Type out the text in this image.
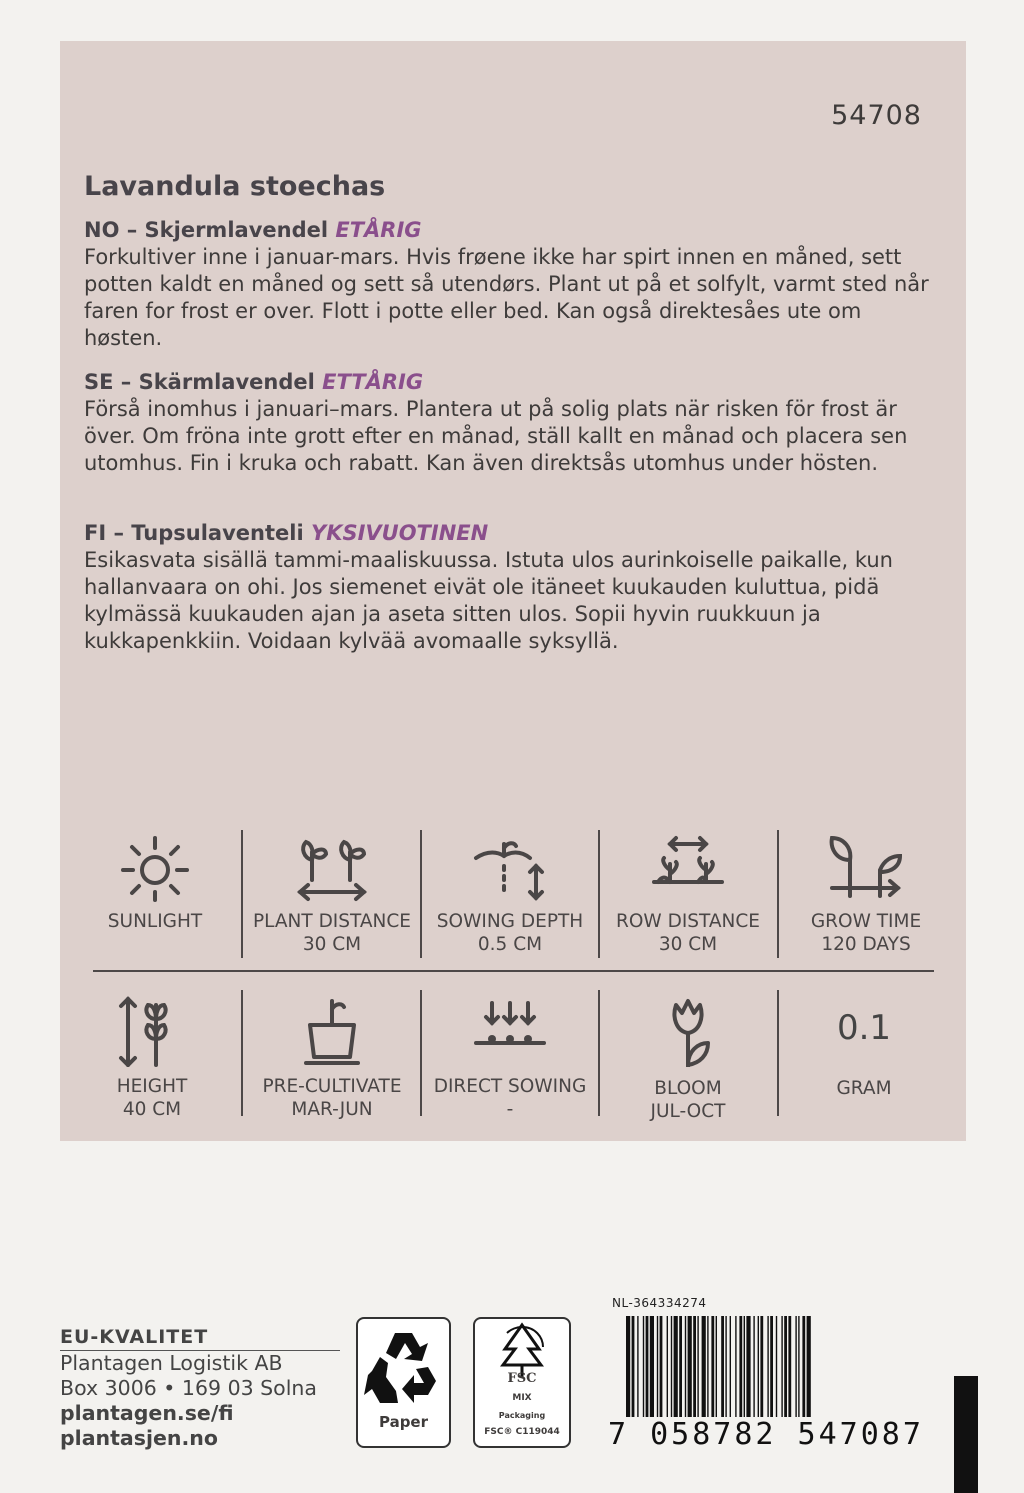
54708
Lavandula stoechas
NO – Skjermlavendel ETÅRIG
Forkultiver inne i januar-mars. Hvis frøene ikke har spirt innen en måned, sett potten kaldt en måned og sett så utendørs. Plant ut på et solfylt, varmt sted når faren for frost er over. Flott i potte eller bed. Kan også direktesåes ute om høsten.
SE – Skärmlavendel ETTÅRIG
Förså inomhus i januari–mars. Plantera ut på solig plats när risken för frost är över. Om fröna inte grott efter en månad, ställ kallt en månad och placera sen utomhus. Fin i kruka och rabatt. Kan även direktsås utomhus under hösten.
FI – Tupsulaventeli YKSIVUOTINEN
Esikasvata sisällä tammi-maaliskuussa. Istuta ulos aurinkoiselle paikalle, kun hallanvaara on ohi. Jos siemenet eivät ole itäneet kuukauden kuluttua, pidä kylmässä kuukauden ajan ja aseta sitten ulos. Sopii hyvin ruukkuun ja kukkapenkkiin. Voidaan kylvää avomaalle syksyllä.
SUNLIGHT	PLANT DISTANCE
30 CM
SOWING DEPTH
0.5 CM
ROW DISTANCE
30 CM
GROW TIME
120 DAYS
HEIGHT
40 CM
PRE-CULTIVATE
MAR-JUN
DIRECT SOWING
-
BLOOM
JUL-OCT
0.1
GRAM
EU-KVALITET
Plantagen Logistik AB
Box 3006 • 169 03 Solna
plantagen.se/fi
plantasjen.no
Paper
FSC
MIX
Packaging
FSC® C119044
NL-364334274
7 058782 547087
